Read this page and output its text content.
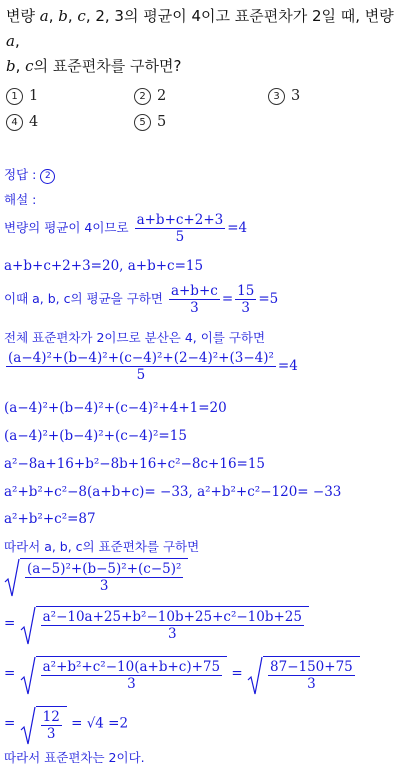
변량 a, b, c, 2, 3의 평균이 4이고 표준편차가 2일 때, 변량 a,
b, c의 표준편차를 구하면?
1 1	2 2	3 3
4 4	5 5
정답 : 2
해설 :
변량의 평균이 4이므로 $\frac{a+b+c+2+3}{5} =4$
a+b+c+2+3=20, a+b+c=15
이때 a, b, c의 평균을 구하면 $\frac{a+b+c}{3} = \frac{15}{3} =5$
전체 표준편차가 2이므로 분산은 4, 이를 구하면
$\frac{\text{(a−4)²+(b−4)²+(c−4)²+(2−4)²+(3−4)²}}{5} =4$
(a−4)²+(b−4)²+(c−4)²+4+1=20
(a−4)²+(b−4)²+(c−4)²=15
a²−8a+16+b²−8b+16+c²−8c+16=15
a²+b²+c²−8(a+b+c)= −33, a²+b²+c²−120= −33
a²+b²+c²=87
따라서 a, b, c의 표준편차를 구하면
$\frac{\text{(a−5)²+(b−5)²+(c−5)²}}{3}$
= $\frac{\text{a²−10a+25+b²−10b+25+c²−10b+25}}{3}$
= $\frac{\text{a²+b²+c²−10(a+b+c)+75}}{3} = \frac{87-150+75}{3}$
= $\frac{12}{3} = √4 =2$
따라서 표준편차는 2이다.
